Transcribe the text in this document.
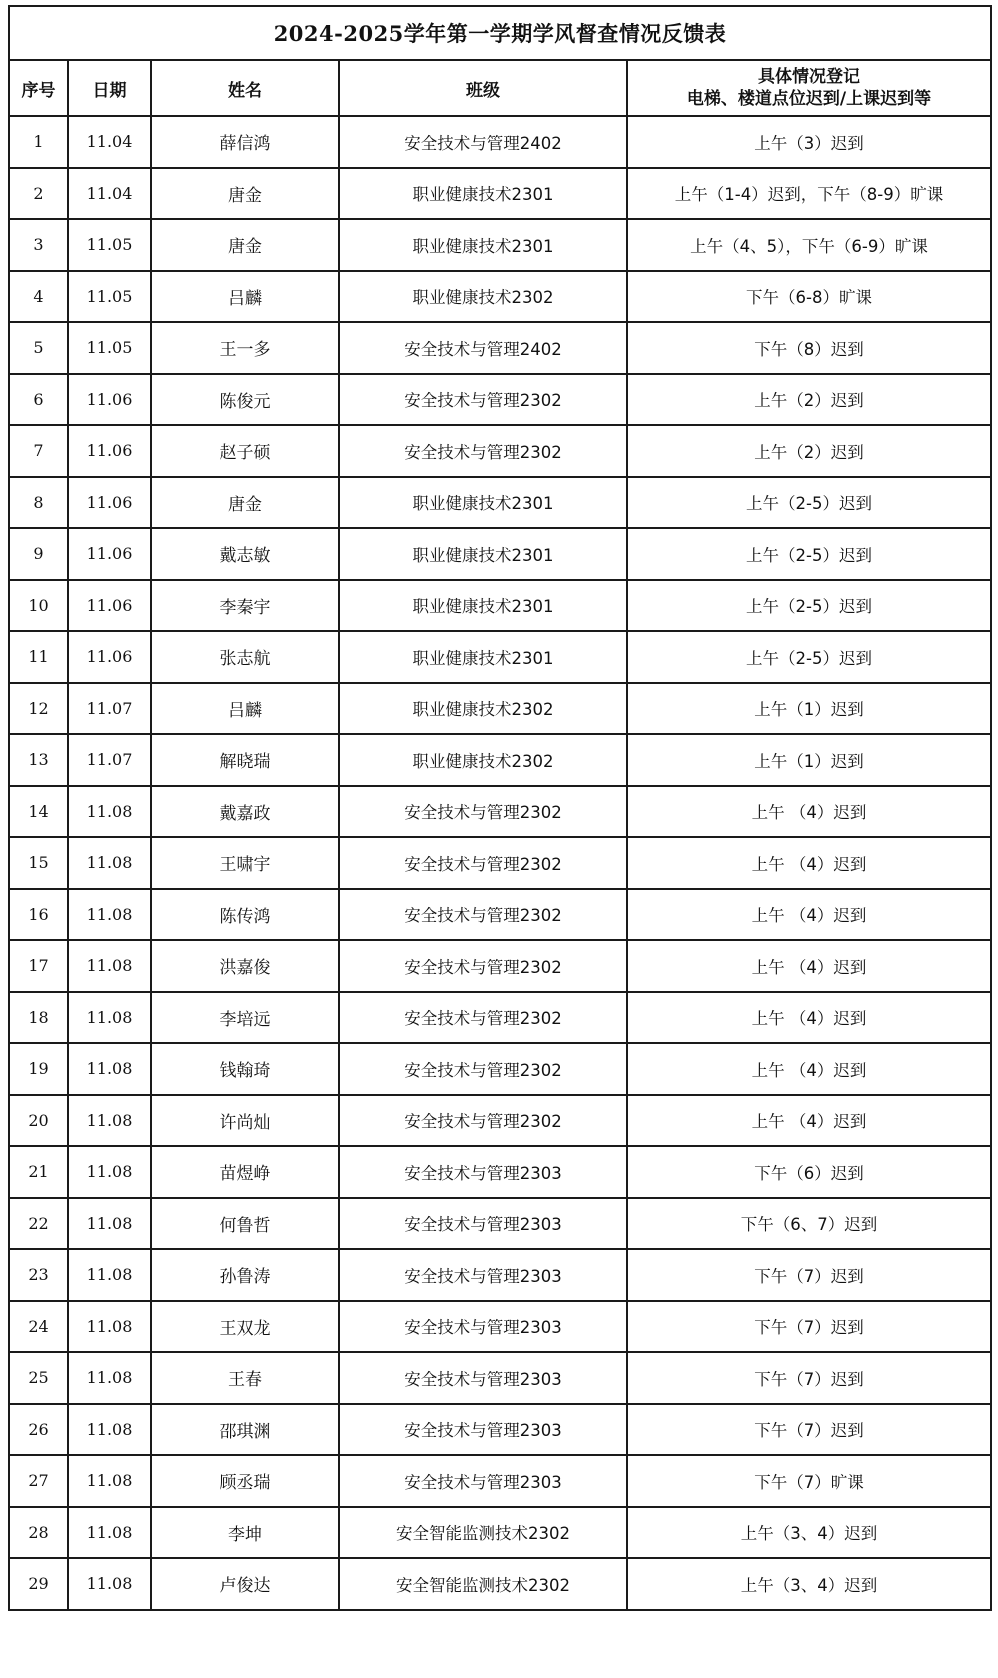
2024-2025学年第一学期学风督查情况反馈表				
序号	日期	姓名	班级	具体情况登记
电梯、楼道点位迟到/上课迟到等

1	11.04	薛信鸿	安全技术与管理2402	上午（3）迟到
2	11.04	唐金	职业健康技术2301	上午（1-4）迟到，下午（8-9）旷课
3	11.05	唐金	职业健康技术2301	上午（4、5），下午（6-9）旷课
4	11.05	吕麟	职业健康技术2302	下午（6-8）旷课
5	11.05	王一多	安全技术与管理2402	下午（8）迟到
6	11.06	陈俊元	安全技术与管理2302	上午（2）迟到
7	11.06	赵子硕	安全技术与管理2302	上午（2）迟到
8	11.06	唐金	职业健康技术2301	上午（2-5）迟到
9	11.06	戴志敏	职业健康技术2301	上午（2-5）迟到
10	11.06	李秦宇	职业健康技术2301	上午（2-5）迟到
11	11.06	张志航	职业健康技术2301	上午（2-5）迟到
12	11.07	吕麟	职业健康技术2302	上午（1）迟到
13	11.07	解晓瑞	职业健康技术2302	上午（1）迟到
14	11.08	戴嘉政	安全技术与管理2302	上午 （4）迟到
15	11.08	王啸宇	安全技术与管理2302	上午 （4）迟到
16	11.08	陈传鸿	安全技术与管理2302	上午 （4）迟到
17	11.08	洪嘉俊	安全技术与管理2302	上午 （4）迟到
18	11.08	李培远	安全技术与管理2302	上午 （4）迟到
19	11.08	钱翰琦	安全技术与管理2302	上午 （4）迟到
20	11.08	许尚灿	安全技术与管理2302	上午 （4）迟到
21	11.08	苗煜峥	安全技术与管理2303	下午（6）迟到
22	11.08	何鲁哲	安全技术与管理2303	下午（6、7）迟到
23	11.08	孙鲁涛	安全技术与管理2303	下午（7）迟到
24	11.08	王双龙	安全技术与管理2303	下午（7）迟到
25	11.08	王春	安全技术与管理2303	下午（7）迟到
26	11.08	邵琪渊	安全技术与管理2303	下午（7）迟到
27	11.08	顾丞瑞	安全技术与管理2303	下午（7）旷课
28	11.08	李坤	安全智能监测技术2302	上午（3、4）迟到
29	11.08	卢俊达	安全智能监测技术2302	上午（3、4）迟到
